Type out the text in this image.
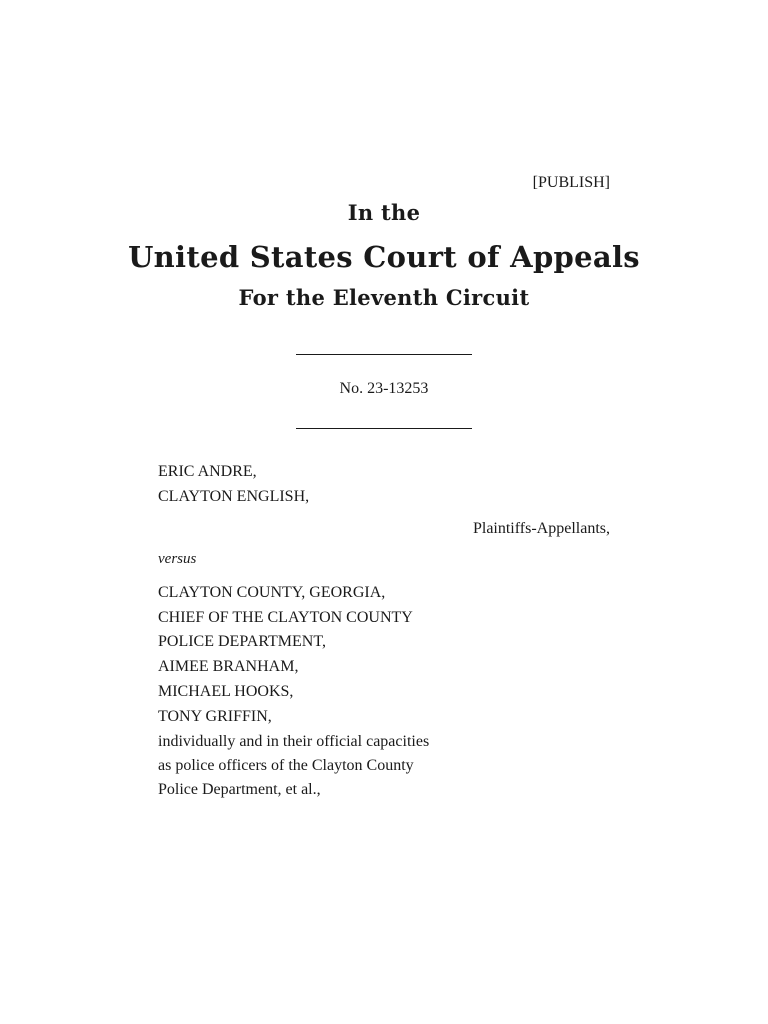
[PUBLISH]
In the
United States Court of Appeals
For the Eleventh Circuit
No. 23-13253
ERIC ANDRE,
CLAYTON ENGLISH,
Plaintiffs-Appellants,
versus
CLAYTON COUNTY, GEORGIA,
CHIEF OF THE CLAYTON COUNTY
POLICE DEPARTMENT,
AIMEE BRANHAM,
MICHAEL HOOKS,
TONY GRIFFIN,
individually and in their official capacities
as police officers of the Clayton County
Police Department, et al.,
